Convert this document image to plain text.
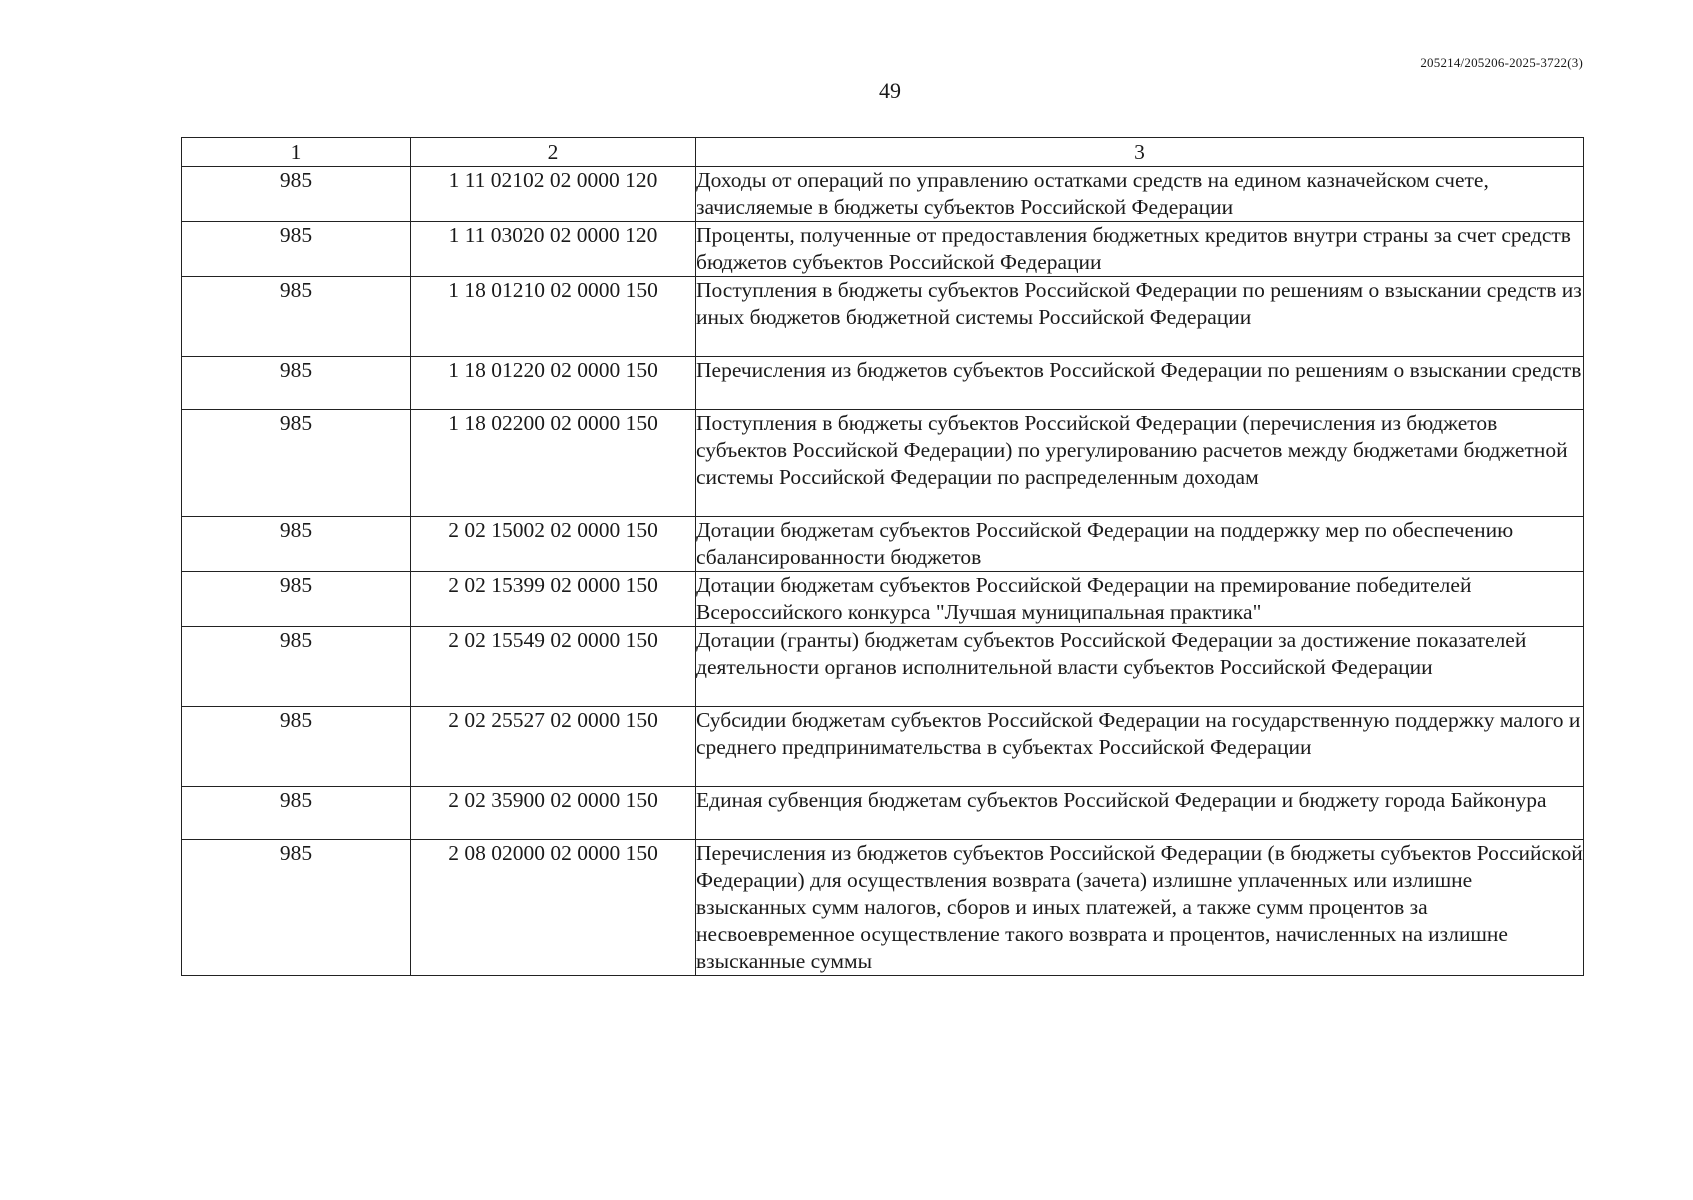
205214/205206-2025-3722(3)
49
1	2	3
985	1 11 02102 02 0000 120	Доходы от операций по управлению остатками средств на едином казначейском счете, зачисляемые в бюджеты субъектов Российской Федерации
985	1 11 03020 02 0000 120	Проценты, полученные от предоставления бюджетных кредитов внутри страны за счет средств бюджетов субъектов Российской Федерации
985	1 18 01210 02 0000 150	Поступления в бюджеты субъектов Российской Федерации по решениям о взыскании средств из иных бюджетов бюджетной системы Российской Федерации
985	1 18 01220 02 0000 150	Перечисления из бюджетов субъектов Российской Федерации по решениям о взыскании средств
985	1 18 02200 02 0000 150	Поступления в бюджеты субъектов Российской Федерации (перечисления из бюджетов субъектов Российской Федерации) по урегулированию расчетов между бюджетами бюджетной системы Российской Федерации по распределенным доходам
985	2 02 15002 02 0000 150	Дотации бюджетам субъектов Российской Федерации на поддержку мер по обеспечению сбалансированности бюджетов
985	2 02 15399 02 0000 150	Дотации бюджетам субъектов Российской Федерации на премирование победителей Всероссийского конкурса "Лучшая муниципальная практика"
985	2 02 15549 02 0000 150	Дотации (гранты) бюджетам субъектов Российской Федерации за достижение показателей деятельности органов исполнительной власти субъектов Российской Федерации
985	2 02 25527 02 0000 150	Субсидии бюджетам субъектов Российской Федерации на государственную поддержку малого и среднего предпринимательства в субъектах Российской Федерации
985	2 02 35900 02 0000 150	Единая субвенция бюджетам субъектов Российской Федерации и бюджету города Байконура
985	2 08 02000 02 0000 150	Перечисления из бюджетов субъектов Российской Федерации (в бюджеты субъектов Российской Федерации) для осуществления возврата (зачета) излишне уплаченных или излишне взысканных сумм налогов, сборов и иных платежей, а также сумм процентов за несвоевременное осуществление такого возврата и процентов, начисленных на излишне взысканные суммы
